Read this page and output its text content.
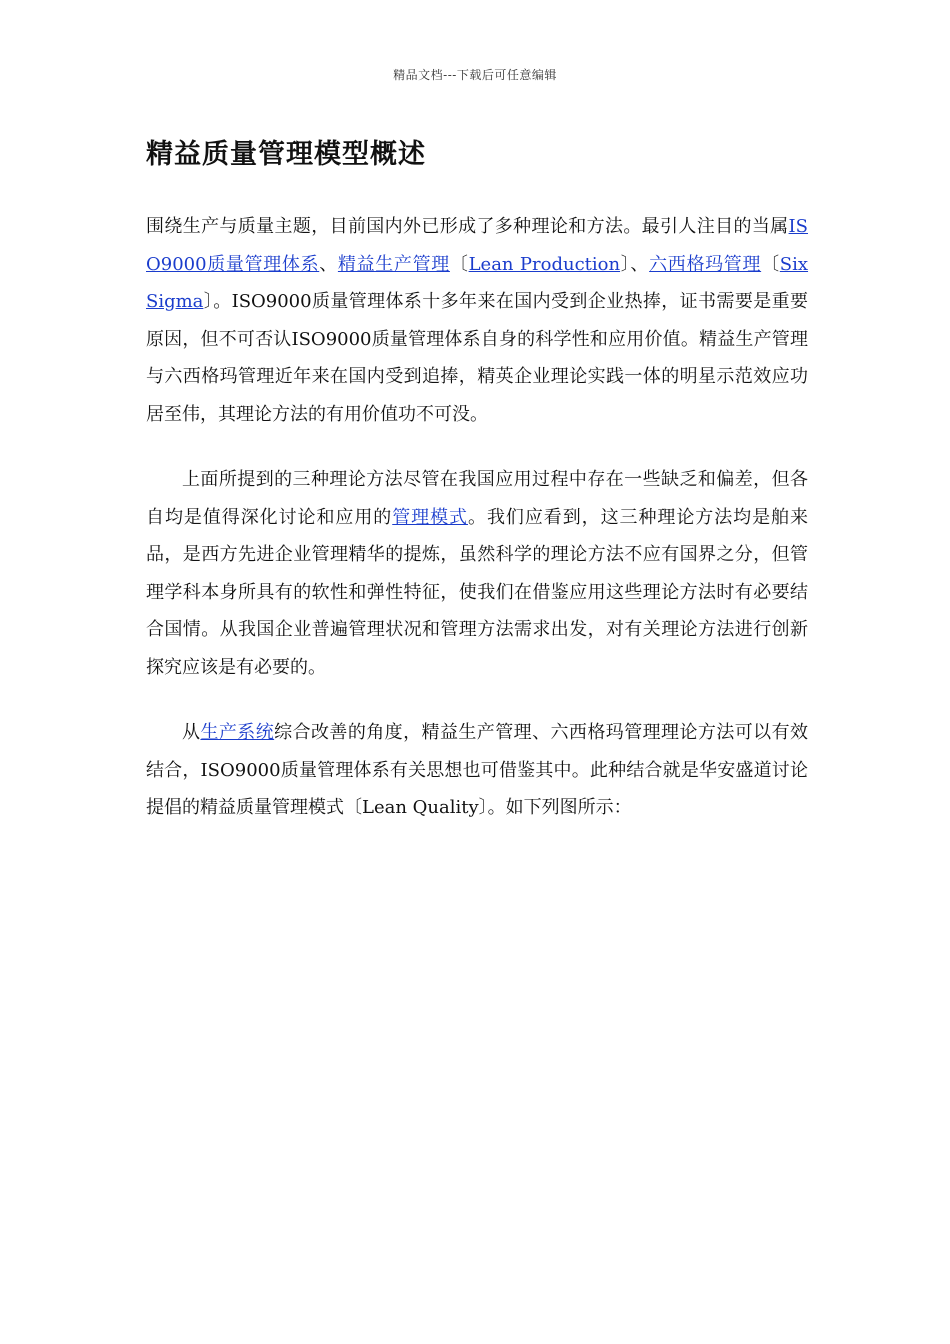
精品文档---下载后可任意编辑
精益质量管理模型概述

围绕生产与质量主题，目前国内外已形成了多种理论和方法。最引人注目的当属ISO9000质量管理体系、精益生产管理〔Lean Production〕、六西格玛管理〔Six Sigma〕。ISO9000质量管理体系十多年来在国内受到企业热捧，证书需要是重要原因，但不可否认ISO9000质量管理体系自身的科学性和应用价值。精益生产管理与六西格玛管理近年来在国内受到追捧，精英企业理论实践一体的明星示范效应功居至伟，其理论方法的有用价值功不可没。

上面所提到的三种理论方法尽管在我国应用过程中存在一些缺乏和偏差，但各自均是值得深化讨论和应用的管理模式。我们应看到，这三种理论方法均是舶来品，是西方先进企业管理精华的提炼，虽然科学的理论方法不应有国界之分，但管理学科本身所具有的软性和弹性特征，使我们在借鉴应用这些理论方法时有必要结合国情。从我国企业普遍管理状况和管理方法需求出发，对有关理论方法进行创新探究应该是有必要的。

从生产系统综合改善的角度，精益生产管理、六西格玛管理理论方法可以有效结合，ISO9000质量管理体系有关思想也可借鉴其中。此种结合就是华安盛道讨论提倡的精益质量管理模式〔Lean Quality〕。如下列图所示：
